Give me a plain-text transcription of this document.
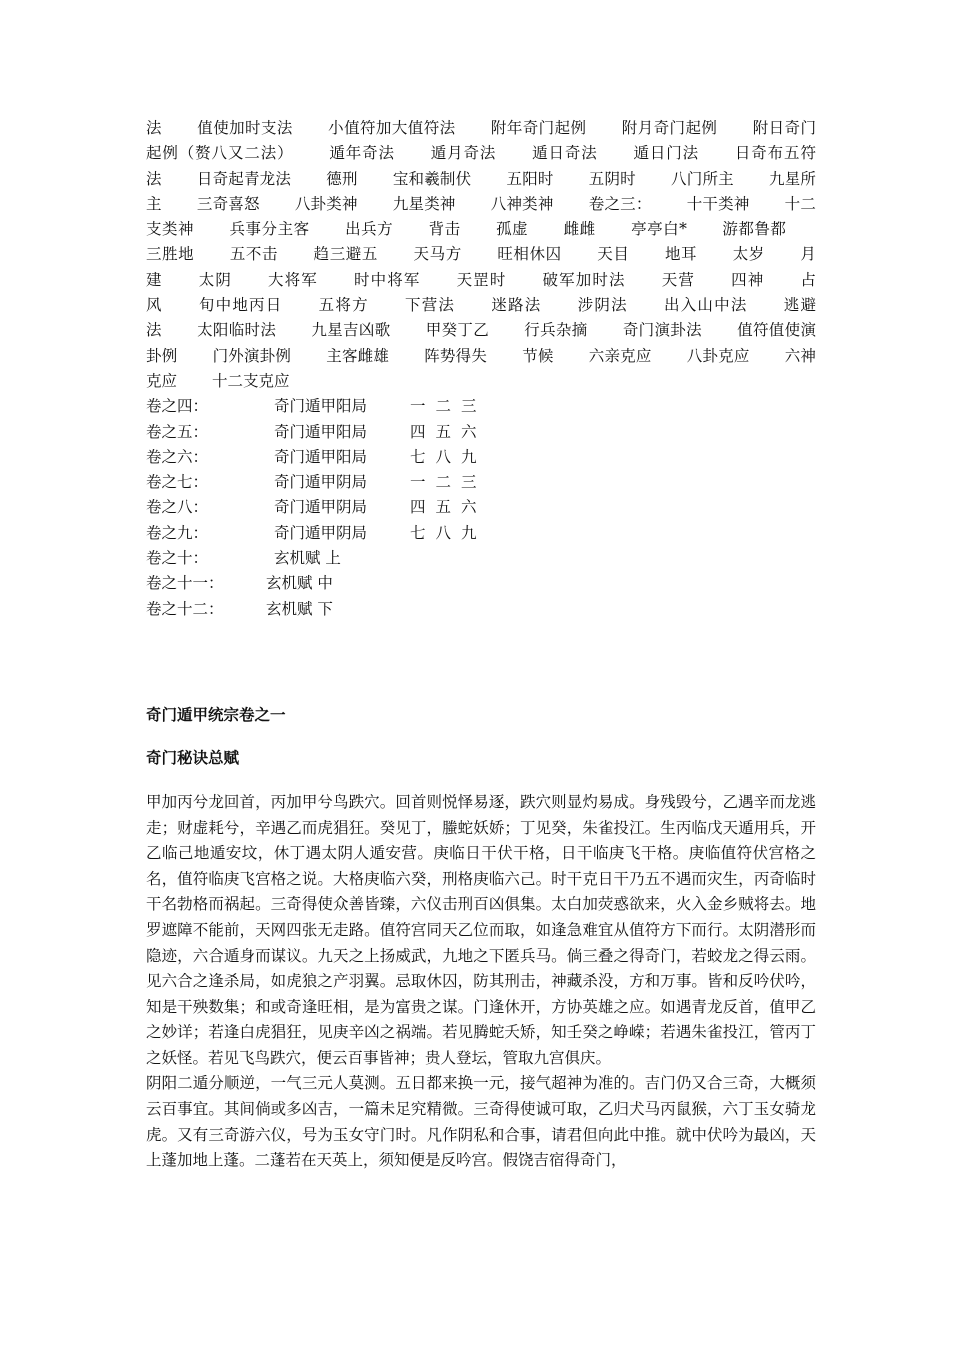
法 值使加时支法 小值符加大值符法 附年奇门起例 附月奇门起例 附日奇门起例（赘八又二法） 遁年奇法 遁月奇法 遁日奇法 遁日门法 日奇布五符法 日奇起青龙法 德刑 宝和羲制伏 五阳时 五阴时 八门所主 九星所主 三奇喜怒 八卦类神 九星类神 八神类神 卷之三： 十干类神 十二支类神 兵事分主客 出兵方 背击 孤虚 雌雌 亭亭白* 游都鲁都 三胜地 五不击 趋三避五 天马方 旺相休囚 天目 地耳 太岁 月建 太阴 大将军 时中将军 天罡时 破军加时法 天营 四神 占风 旬中地丙日 五将方 下营法 迷路法 涉阴法 出入山中法 逃避法 太阳临时法 九星吉凶歌 甲癸丁乙 行兵杂摘 奇门演卦法 值符值使演卦例 门外演卦例 主客雌雄 阵势得失 节候 六亲克应 八卦克应 六神克应 十二支克应

卷之四：	奇门遁甲阳局	一二三
卷之五：	奇门遁甲阳局	四五六
卷之六：	奇门遁甲阳局	七八九
卷之七：	奇门遁甲阴局	一二三
卷之八：	奇门遁甲阴局	四五六
卷之九：	奇门遁甲阴局	七八九
卷之十：	玄机赋 上
卷之十一：	玄机赋 中
卷之十二：	玄机赋 下
奇门遁甲统宗卷之一
奇门秘诀总赋

甲加丙兮龙回首，丙加甲兮鸟跌穴。回首则悦怿易逐，跌穴则显灼易成。身残毁兮，乙遇辛而龙逃走；财虚耗兮，辛遇乙而虎猖狂。癸见丁，螣蛇妖娇；丁见癸，朱雀投江。生丙临戊天遁用兵，开乙临己地遁安坟，休丁遇太阴人遁安营。庚临日干伏干格，日干临庚飞干格。庚临值符伏宫格之名，值符临庚飞宫格之说。大格庚临六癸，刑格庚临六己。时干克日干乃五不遇而灾生，丙奇临时干名勃格而祸起。三奇得使众善皆臻，六仪击刑百凶俱集。太白加荧惑欲来，火入金乡贼将去。地罗遮障不能前，天网四张无走路。值符宫同天乙位而取，如逢急难宜从值符方下而行。太阴潜形而隐迹，六合遁身而谋议。九天之上扬威武，九地之下匿兵马。倘三叠之得奇门，若蛟龙之得云雨。见六合之逢杀局，如虎狼之产羽翼。忌取休囚，防其刑击，神藏杀没，方和万事。皆和反吟伏吟，知是干殃数集；和或奇逢旺相，是为富贵之谋。门逢休开，方协英雄之应。如遇青龙反首，值甲乙之妙详；若逢白虎猖狂，见庚辛凶之祸端。若见腾蛇夭矫，知壬癸之峥嵘；若遇朱雀投江，管丙丁之妖怪。若见飞鸟跌穴，便云百事皆神；贵人登坛，管取九宫俱庆。

阴阳二遁分顺逆，一气三元人莫测。五日都来换一元，接气超神为准的。吉门仍又合三奇，大概须云百事宜。其间倘或多凶吉，一篇未足究精微。三奇得使诚可取，乙归犬马丙鼠猴，六丁玉女骑龙虎。又有三奇游六仪，号为玉女守门时。凡作阴私和合事，请君但向此中推。就中伏吟为最凶，天上蓬加地上蓬。二蓬若在天英上，须知便是反吟宫。假饶吉宿得奇门，
